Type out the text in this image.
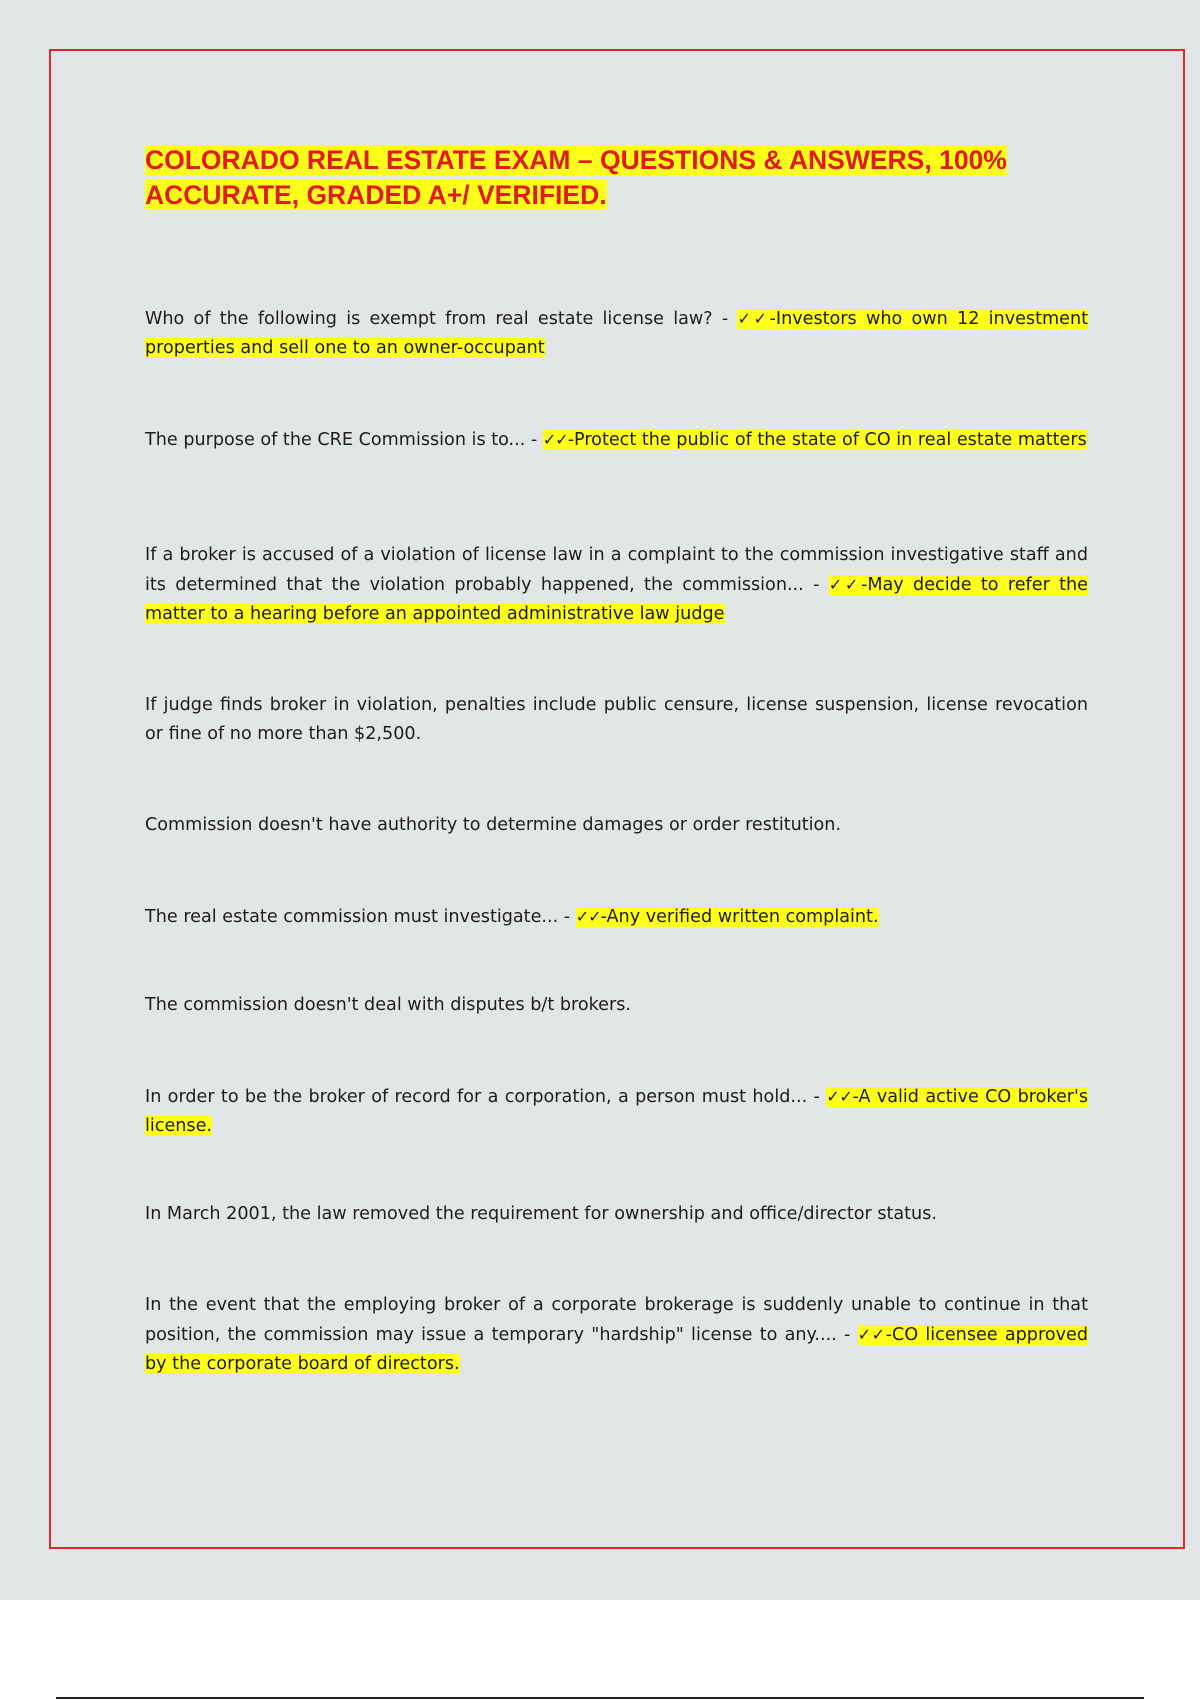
COLORADO REAL ESTATE EXAM – QUESTIONS & ANSWERS, 100% ACCURATE, GRADED A+/ VERIFIED.

Who of the following is exempt from real estate license law? - ✓✓-Investors who own 12 investment properties and sell one to an owner-occupant

The purpose of the CRE Commission is to... - ✓✓-Protect the public of the state of CO in real estate matters

If a broker is accused of a violation of license law in a complaint to the commission investigative staff and its determined that the violation probably happened, the commission... - ✓✓-May decide to refer the matter to a hearing before an appointed administrative law judge

If judge finds broker in violation, penalties include public censure, license suspension, license revocation or fine of no more than $2,500.

Commission doesn't have authority to determine damages or order restitution.

The real estate commission must investigate... - ✓✓-Any verified written complaint.

The commission doesn't deal with disputes b/t brokers.

In order to be the broker of record for a corporation, a person must hold... - ✓✓-A valid active CO broker's license.

In March 2001, the law removed the requirement for ownership and office/director status.

In the event that the employing broker of a corporate brokerage is suddenly unable to continue in that position, the commission may issue a temporary "hardship" license to any.... - ✓✓-CO licensee approved by the corporate board of directors.
